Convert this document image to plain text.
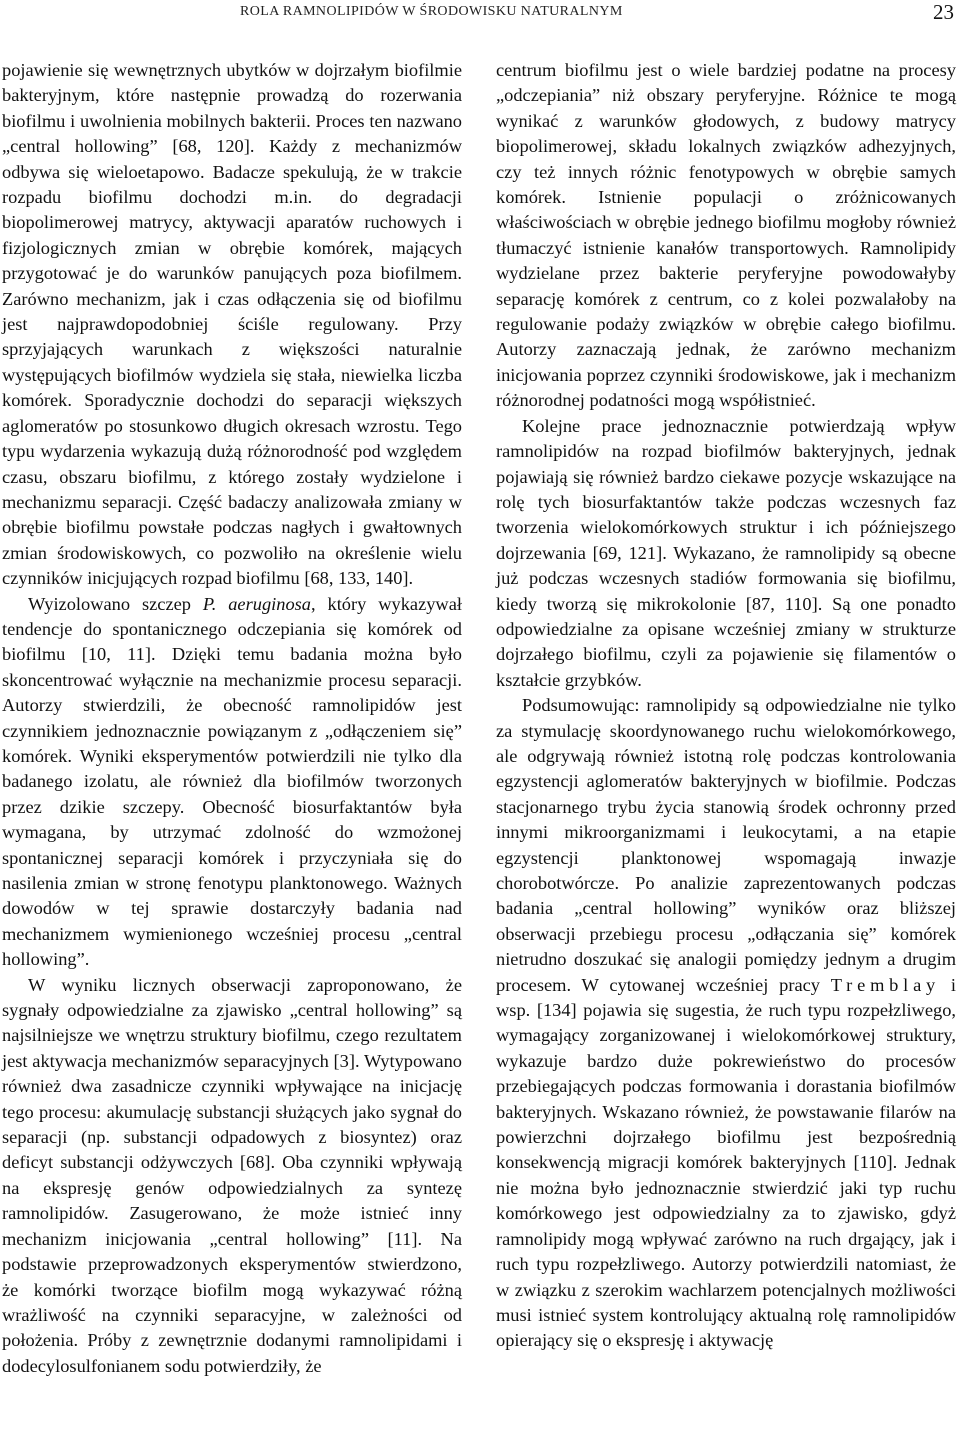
ROLA RAMNOLIPIDÓW W ŚRODOWISKU NATURALNYM	23

pojawienie się wewnętrznych ubytków w dojrzałym biofilmie bakteryjnym, które następnie prowadzą do rozerwania biofilmu i uwolnienia mobilnych bakterii. Proces ten nazwano „central hollowing” [68, 120]. Każdy z mechanizmów odbywa się wieloetapowo. Badacze spekulują, że w trakcie rozpadu biofilmu dochodzi m.in. do degradacji biopolimerowej matrycy, aktywacji aparatów ruchowych i fizjologicznych zmian w obrębie komórek, mających przygotować je do warunków panujących poza biofilmem. Zarówno mechanizm, jak i czas odłączenia się od biofilmu jest najprawdopodobniej ściśle regulowany. Przy sprzyjających warunkach z większości naturalnie występujących biofilmów wydziela się stała, niewielka liczba komórek. Sporadycznie dochodzi do separacji większych aglomeratów po stosunkowo długich okresach wzrostu. Tego typu wydarzenia wykazują dużą różnorodność pod względem czasu, obszaru biofilmu, z którego zostały wydzielone i mechanizmu separacji. Część badaczy analizowała zmiany w obrębie biofilmu powstałe podczas nagłych i gwałtownych zmian środowiskowych, co pozwoliło na określenie wielu czynników inicjujących rozpad biofilmu [68, 133, 140].

Wyizolowano szczep P. aeruginosa, który wykazywał tendencje do spontanicznego odczepiania się komórek od biofilmu [10, 11]. Dzięki temu badania można było skoncentrować wyłącznie na mechanizmie procesu separacji. Autorzy stwierdzili, że obecność ramnolipidów jest czynnikiem jednoznacznie powiązanym z „odłączeniem się” komórek. Wyniki eksperymentów potwierdzili nie tylko dla badanego izolatu, ale również dla biofilmów tworzonych przez dzikie szczepy. Obecność biosurfaktantów była wymagana, by utrzymać zdolność do wzmożonej spontanicznej separacji komórek i przyczyniała się do nasilenia zmian w stronę fenotypu planktonowego. Ważnych dowodów w tej sprawie dostarczyły badania nad mechanizmem wymienionego wcześniej procesu „central hollowing”.

W wyniku licznych obserwacji zaproponowano, że sygnały odpowiedzialne za zjawisko „central hollowing” są najsilniejsze we wnętrzu struktury biofilmu, czego rezultatem jest aktywacja mechanizmów separacyjnych [3]. Wytypowano również dwa zasadnicze czynniki wpływające na inicjację tego procesu: akumulację substancji służących jako sygnał do separacji (np. substancji odpadowych z biosyntez) oraz deficyt substancji odżywczych [68]. Oba czynniki wpływają na ekspresję genów odpowiedzialnych za syntezę ramnolipidów. Zasugerowano, że może istnieć inny mechanizm inicjowania „central hollowing” [11]. Na podstawie przeprowadzonych eksperymentów stwierdzono, że komórki tworzące biofilm mogą wykazywać różną wrażliwość na czynniki separacyjne, w zależności od położenia. Próby z zewnętrznie dodanymi ramnolipidami i dodecylosulfonianem sodu potwierdziły, że

centrum biofilmu jest o wiele bardziej podatne na procesy „odczepiania” niż obszary peryferyjne. Różnice te mogą wynikać z warunków głodowych, z budowy matrycy biopolimerowej, składu lokalnych związków adhezyjnych, czy też innych różnic fenotypowych w obrębie samych komórek. Istnienie populacji o zróżnicowanych właściwościach w obrębie jednego biofilmu mogłoby również tłumaczyć istnienie kanałów transportowych. Ramnolipidy wydzielane przez bakterie peryferyjne powodowałyby separację komórek z centrum, co z kolei pozwalałoby na regulowanie podaży związków w obrębie całego biofilmu. Autorzy zaznaczają jednak, że zarówno mechanizm inicjowania poprzez czynniki środowiskowe, jak i mechanizm różnorodnej podatności mogą współistnieć.

Kolejne prace jednoznacznie potwierdzają wpływ ramnolipidów na rozpad biofilmów bakteryjnych, jednak pojawiają się również bardzo ciekawe pozycje wskazujące na rolę tych biosurfaktantów także podczas wczesnych faz tworzenia wielokomórkowych struktur i ich późniejszego dojrzewania [69, 121]. Wykazano, że ramnolipidy są obecne już podczas wczesnych stadiów formowania się biofilmu, kiedy tworzą się mikrokolonie [87, 110]. Są one ponadto odpowiedzialne za opisane wcześniej zmiany w strukturze dojrzałego biofilmu, czyli za pojawienie się filamentów o kształcie grzybków.

Podsumowując: ramnolipidy są odpowiedzialne nie tylko za stymulację skoordynowanego ruchu wielokomórkowego, ale odgrywają również istotną rolę podczas kontrolowania egzystencji aglomeratów bakteryjnych w biofilmie. Podczas stacjonarnego trybu życia stanowią środek ochronny przed innymi mikroorganizmami i leukocytami, a na etapie egzystencji planktonowej wspomagają inwazje chorobotwórcze. Po analizie zaprezentowanych podczas badania „central hollowing” wyników oraz bliższej obserwacji przebiegu procesu „odłączania się” komórek nietrudno doszukać się analogii pomiędzy jednym a drugim procesem. W cytowanej wcześniej pracy Tremblay i wsp. [134] pojawia się sugestia, że ruch typu rozpełzliwego, wymagający zorganizowanej i wielokomórkowej struktury, wykazuje bardzo duże pokrewieństwo do procesów przebiegających podczas formowania i dorastania biofilmów bakteryjnych. Wskazano również, że powstawanie filarów na powierzchni dojrzałego biofilmu jest bezpośrednią konsekwencją migracji komórek bakteryjnych [110]. Jednak nie można było jednoznacznie stwierdzić jaki typ ruchu komórkowego jest odpowiedzialny za to zjawisko, gdyż ramnolipidy mogą wpływać zarówno na ruch drgający, jak i ruch typu rozpełzliwego. Autorzy potwierdzili natomiast, że w związku z szerokim wachlarzem potencjalnych możliwości musi istnieć system kontrolujący aktualną rolę ramnolipidów opierający się o ekspresję i aktywację
